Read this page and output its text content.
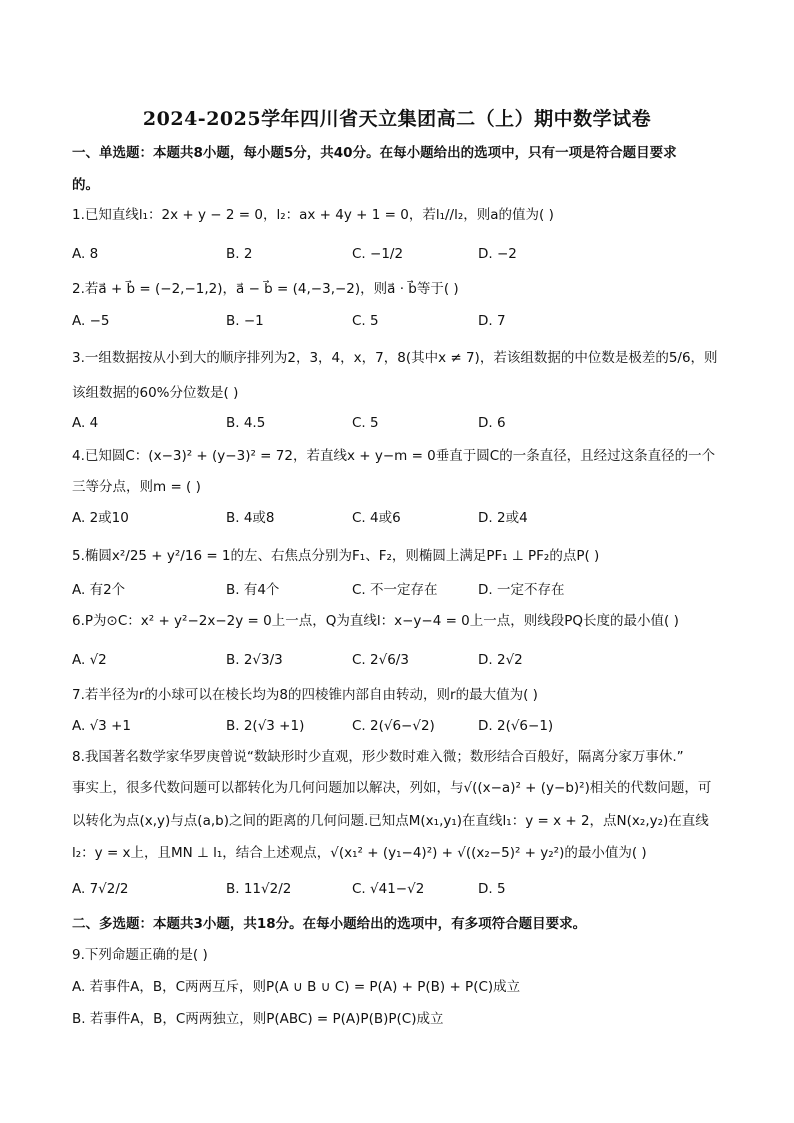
2024-2025学年四川省天立集团高二（上）期中数学试卷
一、单选题：本题共8小题，每小题5分，共40分。在每小题给出的选项中，只有一项是符合题目要求
的。
1.已知直线l₁：2x + y − 2 = 0，l₂：ax + 4y + 1 = 0，若l₁//l₂，则a的值为( )
A. 8	B. 2	C. −1/2	D. −2
2.若a⃗ + b⃗ = (−2,−1,2)，a⃗ − b⃗ = (4,−3,−2)，则a⃗ · b⃗等于( )
A. −5	B. −1	C. 5	D. 7
3.一组数据按从小到大的顺序排列为2，3，4，x，7，8(其中x ≠ 7)，若该组数据的中位数是极差的5/6，则
该组数据的60%分位数是( )
A. 4	B. 4.5	C. 5	D. 6
4.已知圆C：(x−3)² + (y−3)² = 72，若直线x + y−m = 0垂直于圆C的一条直径，且经过这条直径的一个
三等分点，则m = ( )
A. 2或10	B. 4或8	C. 4或6	D. 2或4
5.椭圆x²/25 + y²/16 = 1的左、右焦点分别为F₁、F₂，则椭圆上满足PF₁ ⊥ PF₂的点P( )
A. 有2个	B. 有4个	C. 不一定存在	D. 一定不存在
6.P为⊙C：x² + y²−2x−2y = 0上一点，Q为直线l：x−y−4 = 0上一点，则线段PQ长度的最小值( )
A. √2	B. 2√3/3	C. 2√6/3	D. 2√2
7.若半径为r的小球可以在棱长均为8的四棱锥内部自由转动，则r的最大值为( )
A. √3 +1	B. 2(√3 +1)	C. 2(√6−√2)	D. 2(√6−1)
8.我国著名数学家华罗庚曾说“数缺形时少直观，形少数时难入微；数形结合百般好，隔离分家万事休.”
事实上，很多代数问题可以都转化为几何问题加以解决，列如，与√((x−a)² + (y−b)²)相关的代数问题，可
以转化为点(x,y)与点(a,b)之间的距离的几何问题.已知点M(x₁,y₁)在直线l₁：y = x + 2，点N(x₂,y₂)在直线
l₂：y = x上，且MN ⊥ l₁，结合上述观点，√(x₁² + (y₁−4)²) + √((x₂−5)² + y₂²)的最小值为( )
A. 7√2/2	B. 11√2/2	C. √41−√2	D. 5
二、多选题：本题共3小题，共18分。在每小题给出的选项中，有多项符合题目要求。
9.下列命题正确的是( )
A. 若事件A，B，C两两互斥，则P(A ∪ B ∪ C) = P(A) + P(B) + P(C)成立
B. 若事件A，B，C两两独立，则P(ABC) = P(A)P(B)P(C)成立
